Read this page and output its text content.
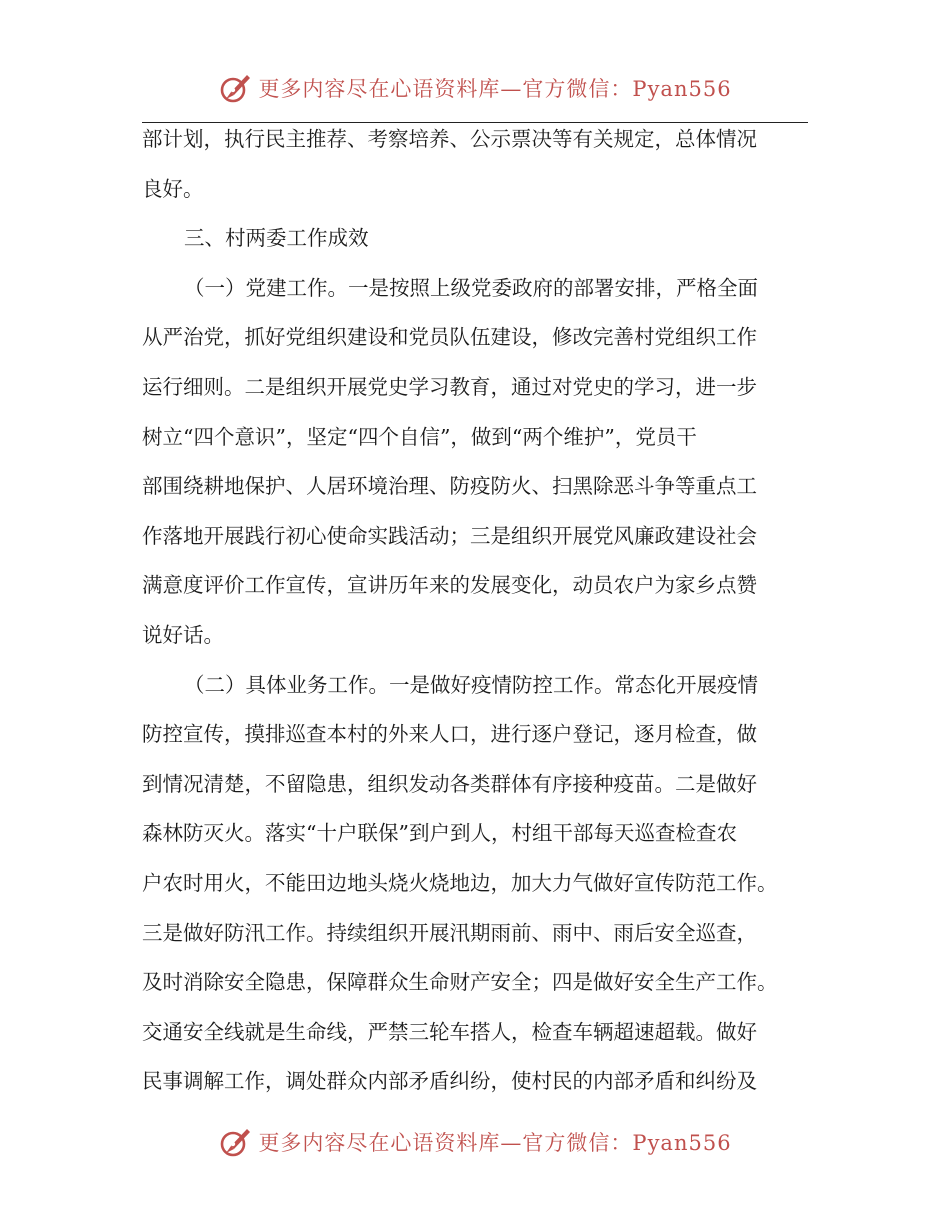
更多内容尽在心语资料库—官方微信：Pyan556
部计划，执行民主推荐、考察培养、公示票决等有关规定，总体情况
良好。
三、村两委工作成效
（一）党建工作。一是按照上级党委政府的部署安排，严格全面
从严治党，抓好党组织建设和党员队伍建设，修改完善村党组织工作
运行细则。二是组织开展党史学习教育，通过对党史的学习，进一步
树立“四个意识”，坚定“四个自信”，做到“两个维护”，党员干
部围绕耕地保护、人居环境治理、防疫防火、扫黑除恶斗争等重点工
作落地开展践行初心使命实践活动；三是组织开展党风廉政建设社会
满意度评价工作宣传，宣讲历年来的发展变化，动员农户为家乡点赞
说好话。
（二）具体业务工作。一是做好疫情防控工作。常态化开展疫情
防控宣传，摸排巡查本村的外来人口，进行逐户登记，逐月检查，做
到情况清楚，不留隐患，组织发动各类群体有序接种疫苗。二是做好
森林防灭火。落实“十户联保”到户到人，村组干部每天巡查检查农
户农时用火，不能田边地头烧火烧地边，加大力气做好宣传防范工作。
三是做好防汛工作。持续组织开展汛期雨前、雨中、雨后安全巡查，
及时消除安全隐患，保障群众生命财产安全；四是做好安全生产工作。
交通安全线就是生命线，严禁三轮车搭人，检查车辆超速超载。做好
民事调解工作，调处群众内部矛盾纠纷，使村民的内部矛盾和纠纷及
更多内容尽在心语资料库—官方微信：Pyan556
